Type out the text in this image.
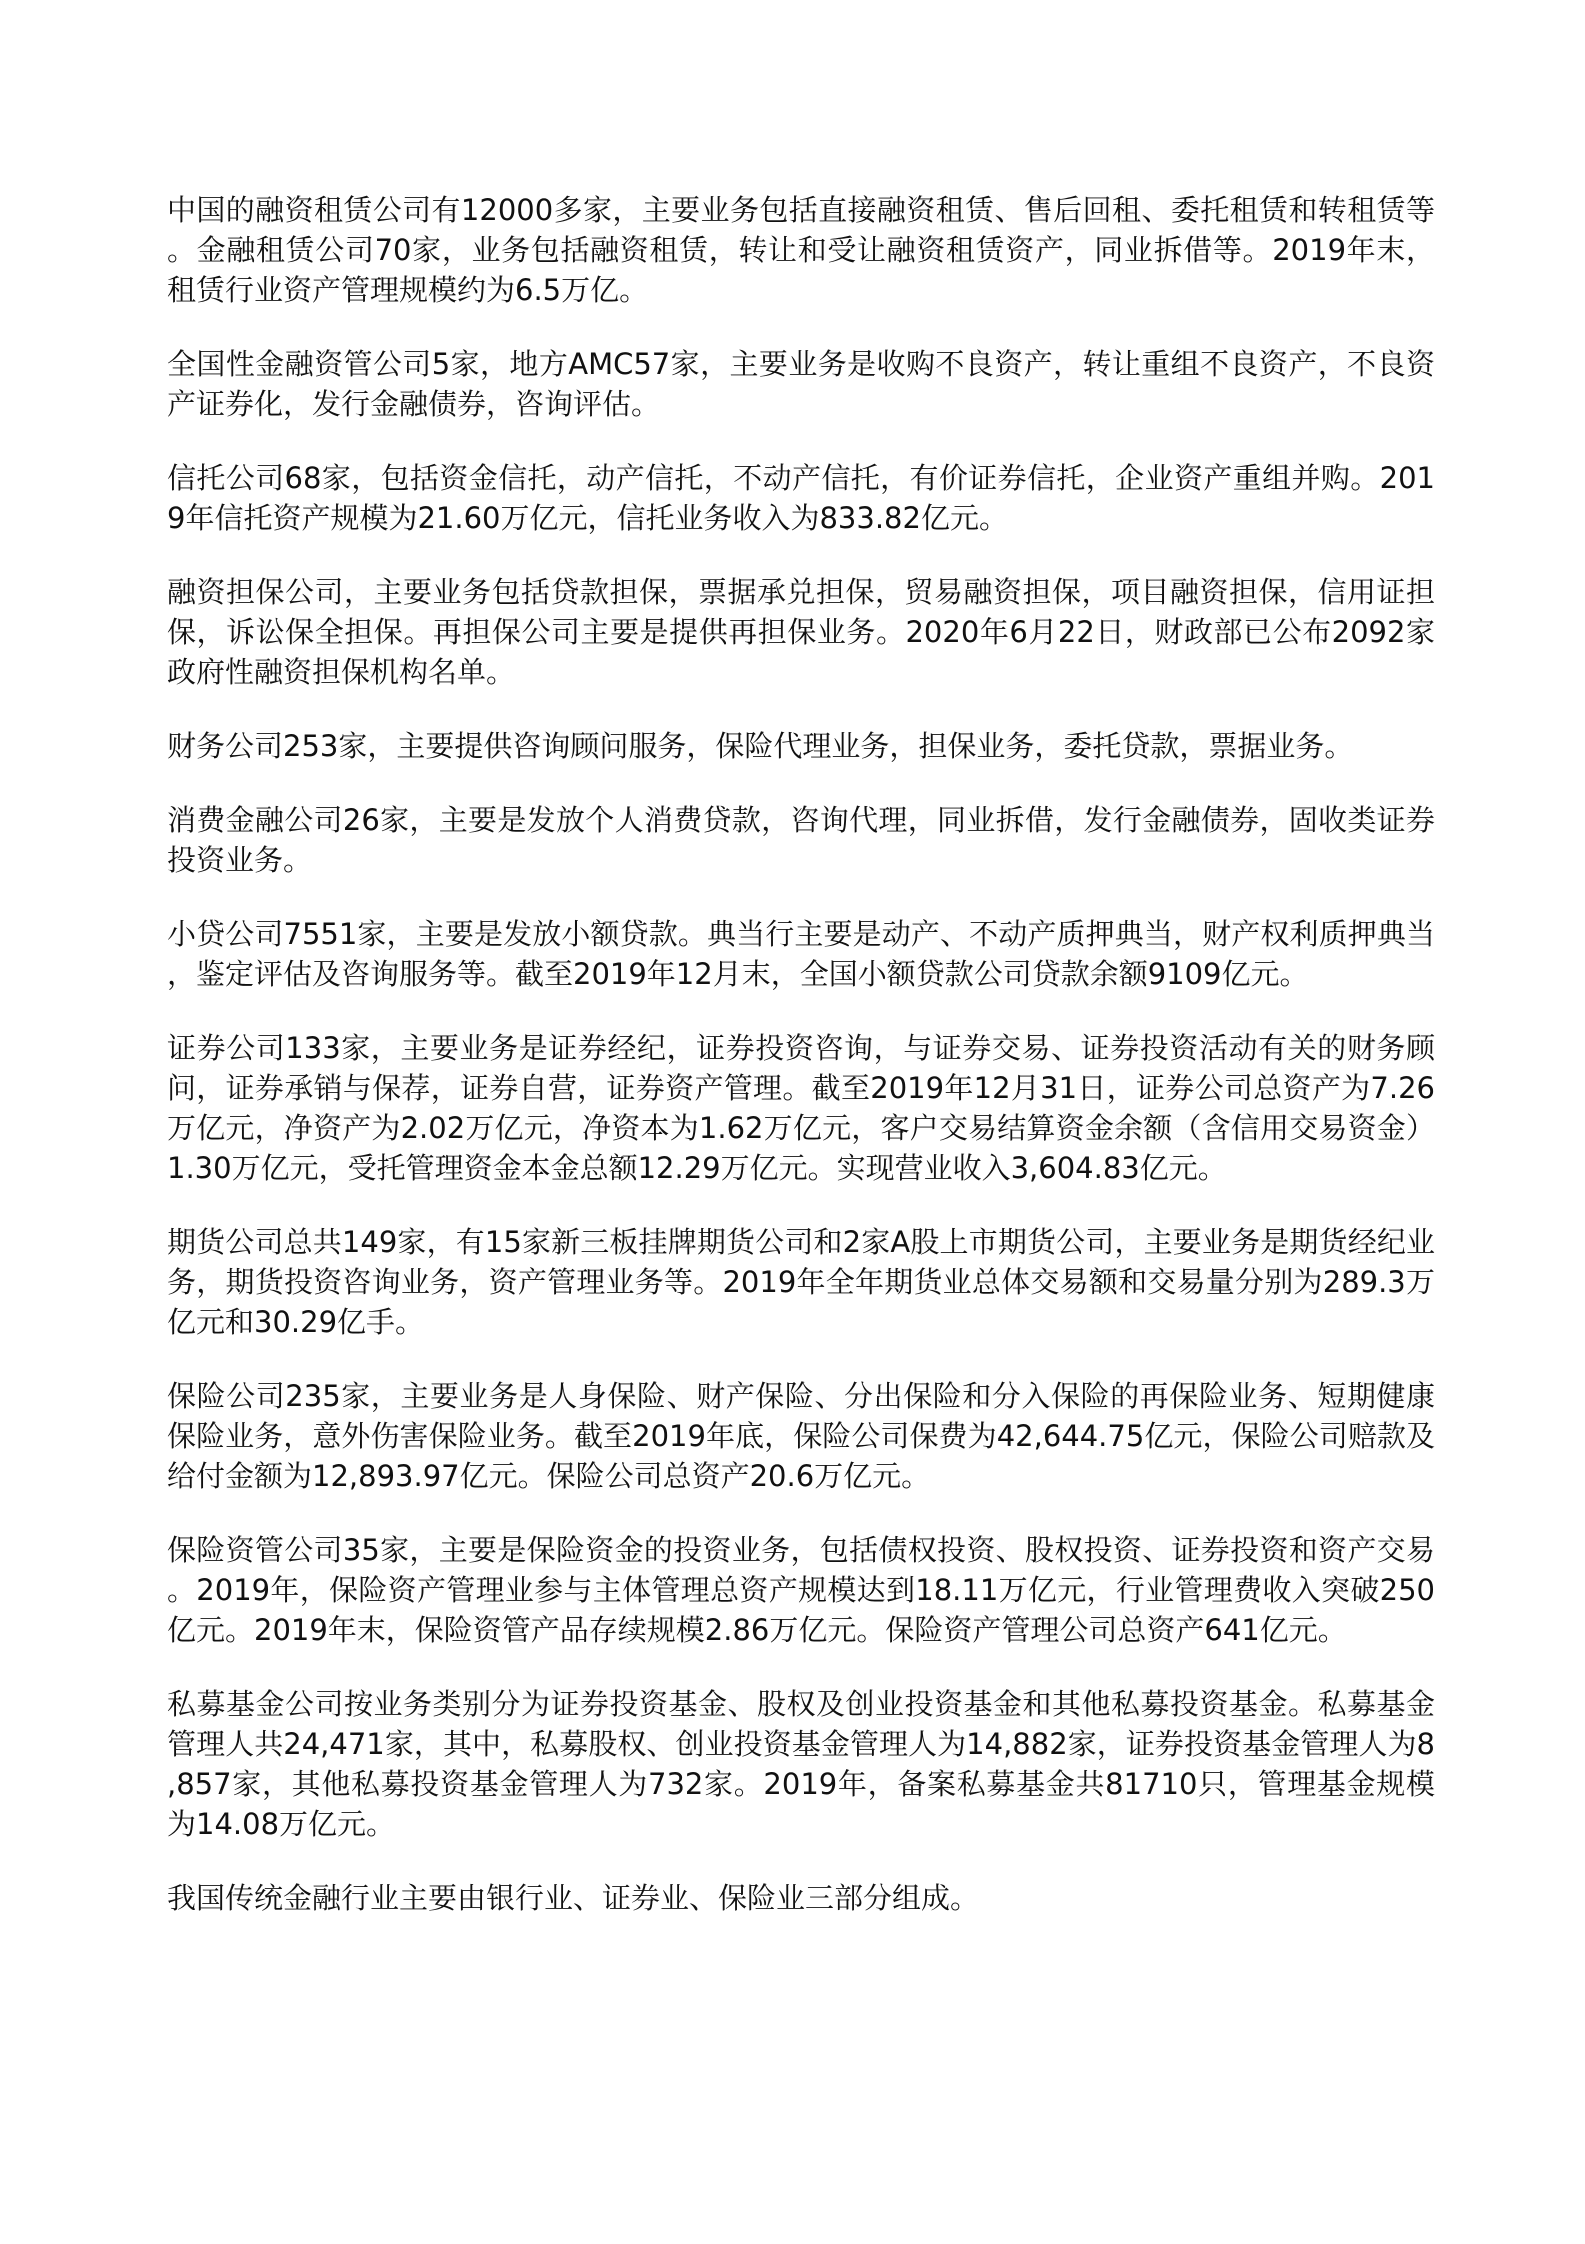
中国的融资租赁公司有12000多家，主要业务包括直接融资租赁、售后回租、委托租赁和转租赁等。金融租赁公司70家，业务包括融资租赁，转让和受让融资租赁资产，同业拆借等。2019年末，租赁行业资产管理规模约为6.5万亿。

全国性金融资管公司5家，地方AMC57家，主要业务是收购不良资产，转让重组不良资产，不良资产证券化，发行金融债券，咨询评估。

信托公司68家，包括资金信托，动产信托，不动产信托，有价证券信托，企业资产重组并购。2019年信托资产规模为21.60万亿元，信托业务收入为833.82亿元。

融资担保公司，主要业务包括贷款担保，票据承兑担保，贸易融资担保，项目融资担保，信用证担保，诉讼保全担保。再担保公司主要是提供再担保业务。2020年6月22日，财政部已公布2092家政府性融资担保机构名单。

财务公司253家，主要提供咨询顾问服务，保险代理业务，担保业务，委托贷款，票据业务。

消费金融公司26家，主要是发放个人消费贷款，咨询代理，同业拆借，发行金融债券，固收类证券投资业务。

小贷公司7551家，主要是发放小额贷款。典当行主要是动产、不动产质押典当，财产权利质押典当，鉴定评估及咨询服务等。截至2019年12月末，全国小额贷款公司贷款余额9109亿元。

证券公司133家，主要业务是证券经纪，证券投资咨询，与证券交易、证券投资活动有关的财务顾问，证券承销与保荐，证券自营，证券资产管理。截至2019年12月31日，证券公司总资产为7.26万亿元，净资产为2.02万亿元，净资本为1.62万亿元，客户交易结算资金余额（含信用交易资金）1.30万亿元，受托管理资金本金总额12.29万亿元。实现营业收入3,604.83亿元。

期货公司总共149家，有15家新三板挂牌期货公司和2家A股上市期货公司，主要业务是期货经纪业务，期货投资咨询业务，资产管理业务等。2019年全年期货业总体交易额和交易量分别为289.3万亿元和30.29亿手。

保险公司235家，主要业务是人身保险、财产保险、分出保险和分入保险的再保险业务、短期健康保险业务，意外伤害保险业务。截至2019年底，保险公司保费为42,644.75亿元，保险公司赔款及给付金额为12,893.97亿元。保险公司总资产20.6万亿元。

保险资管公司35家，主要是保险资金的投资业务，包括债权投资、股权投资、证券投资和资产交易。2019年，保险资产管理业参与主体管理总资产规模达到18.11万亿元，行业管理费收入突破250亿元。2019年末，保险资管产品存续规模2.86万亿元。保险资产管理公司总资产641亿元。

私募基金公司按业务类别分为证券投资基金、股权及创业投资基金和其他私募投资基金。私募基金管理人共24,471家，其中，私募股权、创业投资基金管理人为14,882家，证券投资基金管理人为8,857家，其他私募投资基金管理人为732家。2019年，备案私募基金共81710只，管理基金规模为14.08万亿元。

我国传统金融行业主要由银行业、证券业、保险业三部分组成。
